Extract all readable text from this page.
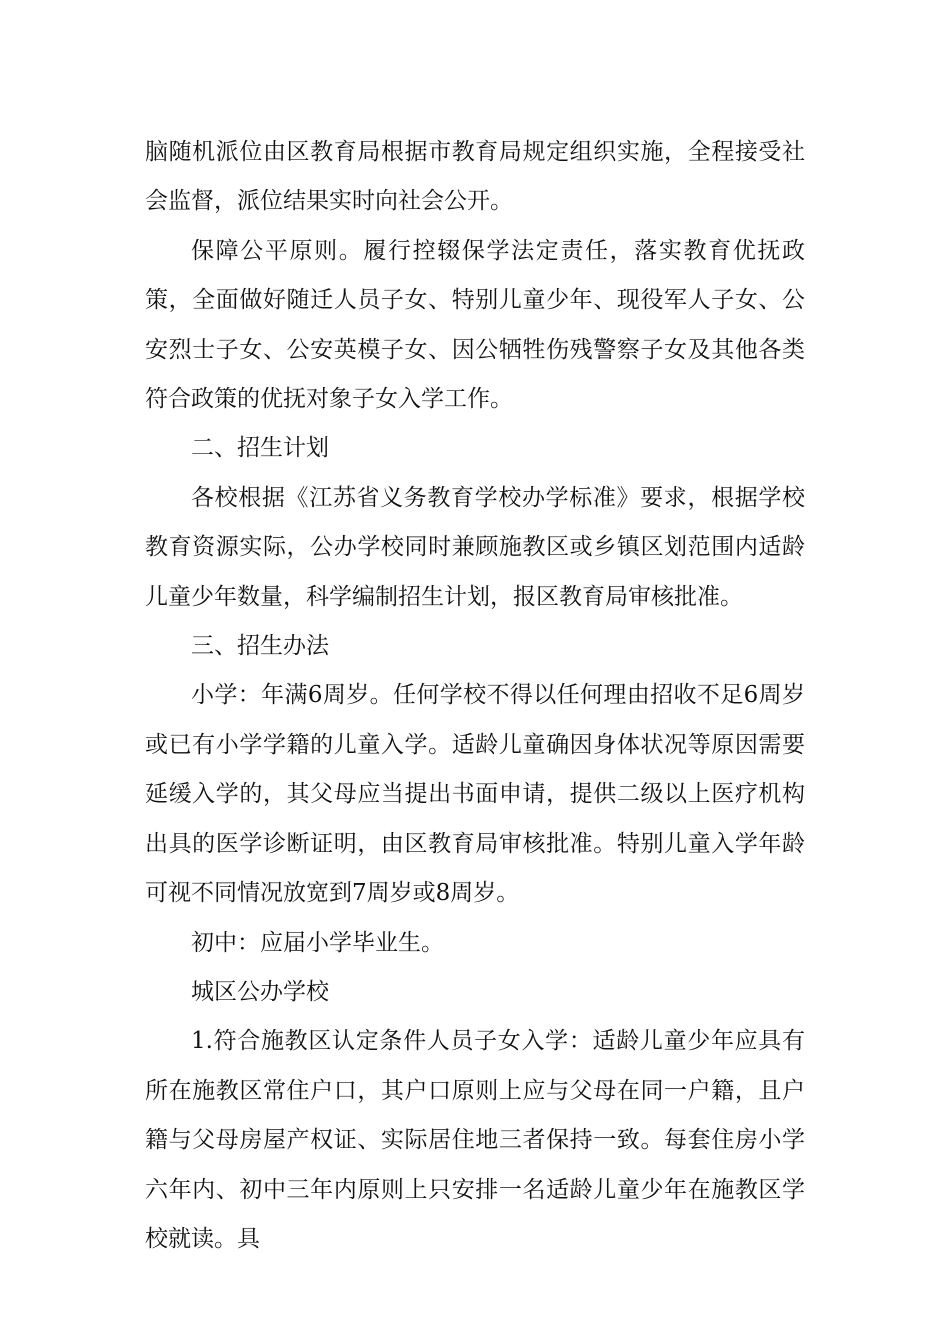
脑随机派位由区教育局根据市教育局规定组织实施，全程接受社会监督，派位结果实时向社会公开。

保障公平原则。履行控辍保学法定责任，落实教育优抚政策，全面做好随迁人员子女、特别儿童少年、现役军人子女、公安烈士子女、公安英模子女、因公牺牲伤残警察子女及其他各类符合政策的优抚对象子女入学工作。

二、招生计划

各校根据《江苏省义务教育学校办学标准》要求，根据学校教育资源实际，公办学校同时兼顾施教区或乡镇区划范围内适龄儿童少年数量，科学编制招生计划，报区教育局审核批准。

三、招生办法

小学：年满6周岁。任何学校不得以任何理由招收不足6周岁或已有小学学籍的儿童入学。适龄儿童确因身体状况等原因需要延缓入学的，其父母应当提出书面申请，提供二级以上医疗机构出具的医学诊断证明，由区教育局审核批准。特别儿童入学年龄可视不同情况放宽到7周岁或8周岁。

初中：应届小学毕业生。

城区公办学校

1.符合施教区认定条件人员子女入学：适龄儿童少年应具有所在施教区常住户口，其户口原则上应与父母在同一户籍，且户籍与父母房屋产权证、实际居住地三者保持一致。每套住房小学六年内、初中三年内原则上只安排一名适龄儿童少年在施教区学校就读。具
